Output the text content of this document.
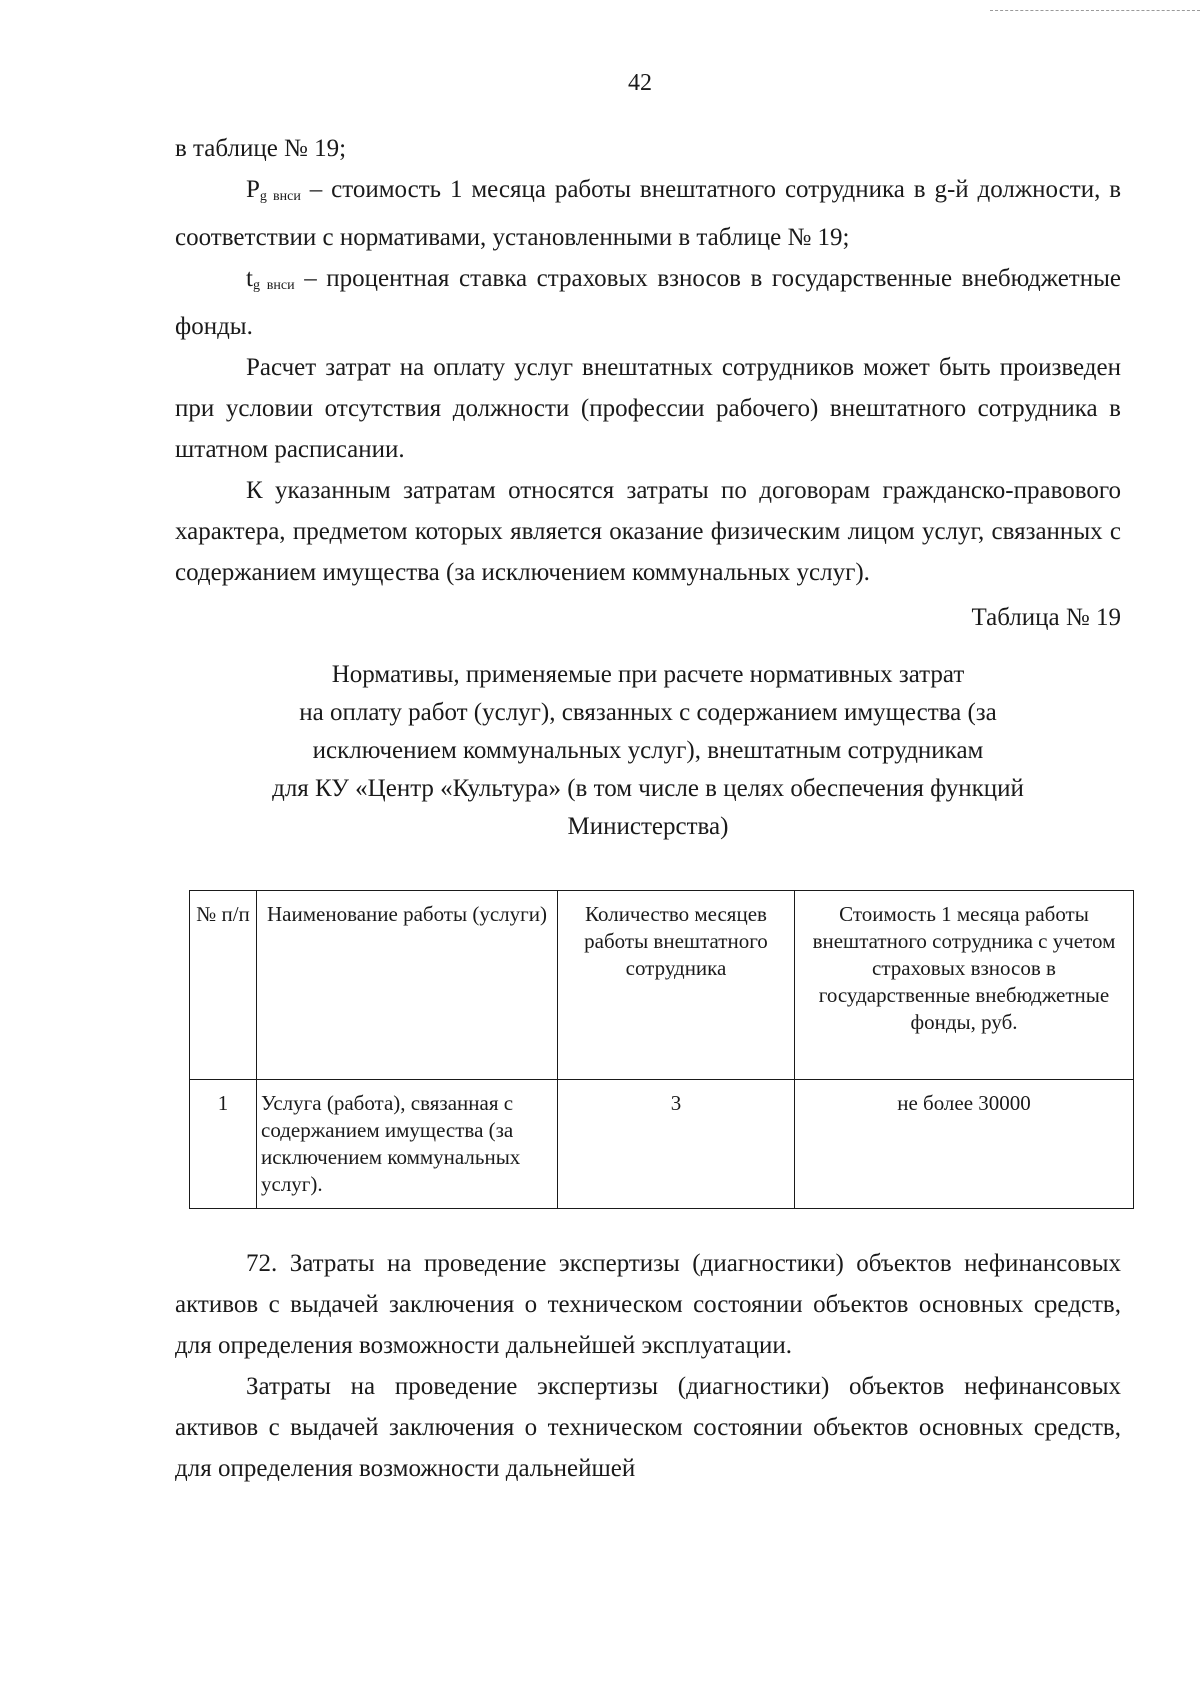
42

в таблице № 19;

$P_{g внси}$ – стоимость 1 месяца работы внештатного сотрудника в g-й должности, в соответствии с нормативами, установленными в таблице № 19;

$t_{g внси}$ – процентная ставка страховых взносов в государственные внебюджетные фонды.

Расчет затрат на оплату услуг внештатных сотрудников может быть произведен при условии отсутствия должности (профессии рабочего) внештатного сотрудника в штатном расписании.

К указанным затратам относятся затраты по договорам гражданско-правового характера, предметом которых является оказание физическим лицом услуг, связанных с содержанием имущества (за исключением коммунальных услуг).

Таблица № 19

Нормативы, применяемые при расчете нормативных затрат
на оплату работ (услуг), связанных с содержанием имущества (за
исключением коммунальных услуг), внештатным сотрудникам
для КУ «Центр «Культура» (в том числе в целях обеспечения функций
Министерства)
№ п/п	Наименование работы (услуги)	Количество месяцев работы внештатного сотрудника	Стоимость 1 месяца работы внештатного сотрудника с учетом страховых взносов в государственные внебюджетные фонды, руб.
1	Услуга (работа), связанная с содержанием имущества (за исключением коммунальных услуг).	3	не более 30000

72. Затраты на проведение экспертизы (диагностики) объектов нефинансовых активов с выдачей заключения о техническом состоянии объектов основных средств, для определения возможности дальнейшей эксплуатации.

Затраты на проведение экспертизы (диагностики) объектов нефинансовых активов с выдачей заключения о техническом состоянии объектов основных средств, для определения возможности дальнейшей
